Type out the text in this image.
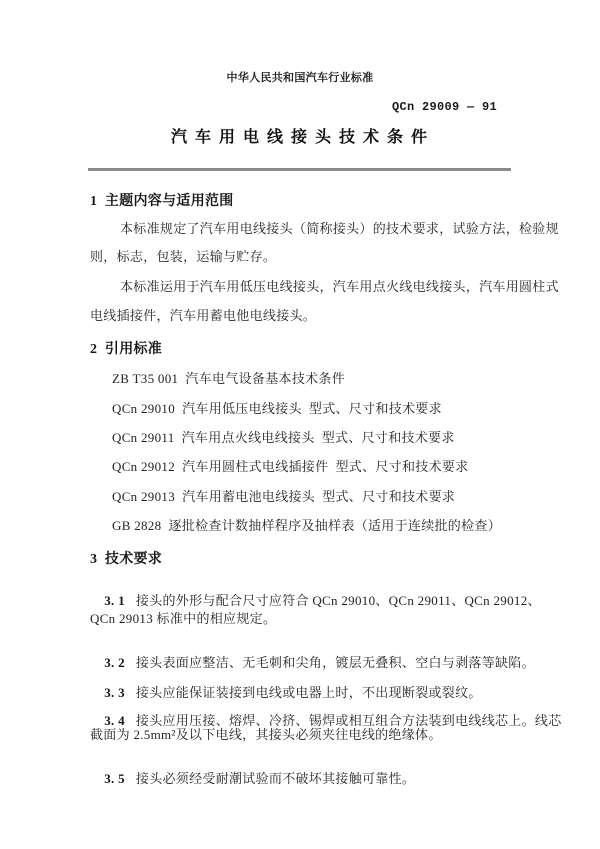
中华人民共和国汽车行业标准
QCn 29009 — 91
汽 车 用 电 线 接 头 技 术 条 件
1  主题内容与适用范围
本标准规定了汽车用电线接头（简称接头）的技术要求，试验方法，检验规
则，标志，包装，运输与贮存。
本标准运用于汽车用低压电线接头，汽车用点火线电线接头，汽车用圆柱式
电线插接件，汽车用蓄电他电线接头。
2  引用标准
ZB T35 001  汽车电气设备基本技术条件
QCn 29010  汽车用低压电线接头  型式、尺寸和技术要求
QCn 29011  汽车用点火线电线接头  型式、尺寸和技术要求
QCn 29012  汽车用圆柱式电线插接件  型式、尺寸和技术要求
QCn 29013  汽车用蓄电池电线接头  型式、尺寸和技术要求
GB 2828  逐批检查计数抽样程序及抽样表（适用于连续批的检查）
3  技术要求

3. 1 接头的外形与配合尺寸应符合 QCn 29010、QCn 29011、QCn 29012、

QCn 29013 标准中的相应规定。

3. 2 接头表面应整洁、无毛刺和尖角，镀层无叠积、空白与剥落等缺陷。

3. 3 接头应能保证装接到电线或电器上时，不出现断裂或裂纹。

3. 4 接头应用压接、熔焊、冷挤、锡焊或相互组合方法装到电线线芯上。线芯

截面为 2.5mm²及以下电线，其接头必须夹往电线的绝缘体。

3. 5 接头必须经受耐潮试验而不破坏其接触可靠性。
